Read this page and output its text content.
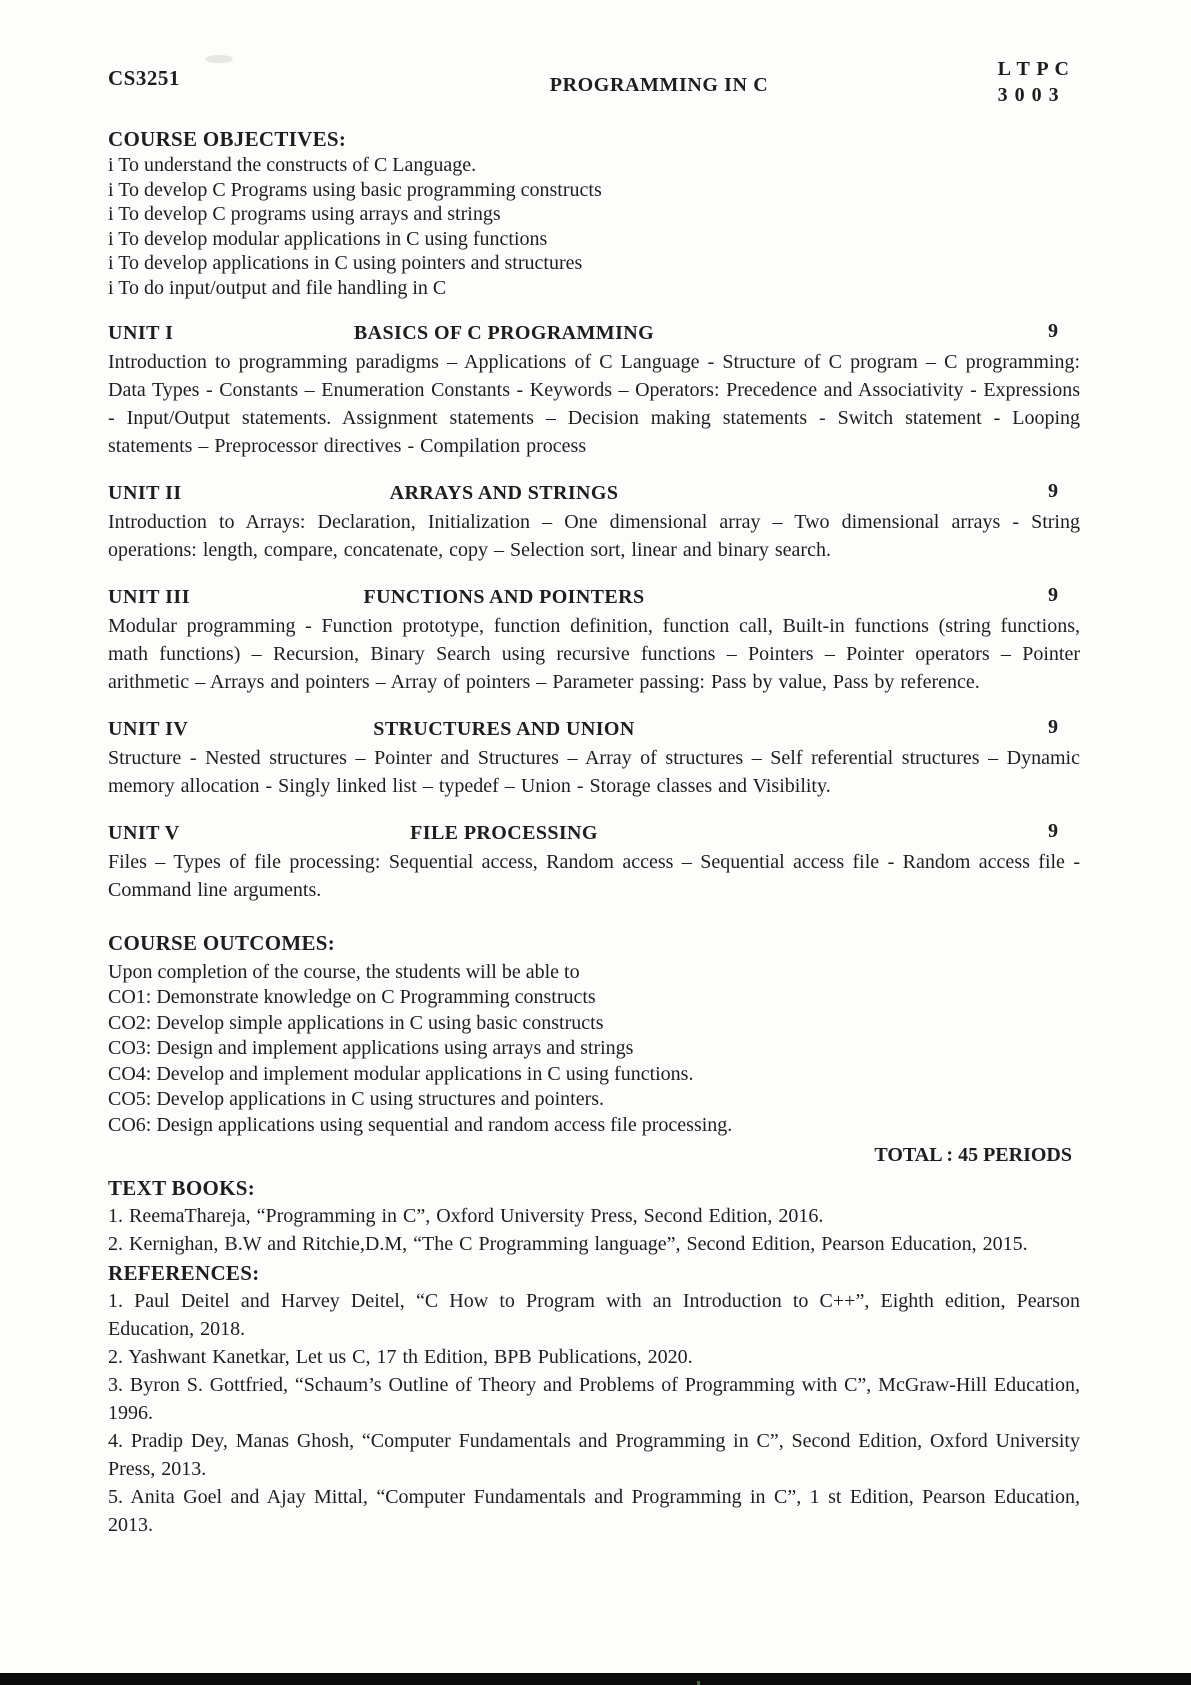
CS3251	PROGRAMMING IN C
L T P C
3 0 0 3
COURSE OBJECTIVES:
i To understand the constructs of C Language.
i To develop C Programs using basic programming constructs
i To develop C programs using arrays and strings
i To develop modular applications in C using functions
i To develop applications in C using pointers and structures
i To do input/output and file handling in C
UNIT I	BASICS OF C PROGRAMMING	9
Introduction to programming paradigms – Applications of C Language - Structure of C program – C programming: Data Types - Constants – Enumeration Constants - Keywords – Operators: Precedence and Associativity - Expressions - Input/Output statements. Assignment statements – Decision making statements - Switch statement - Looping statements – Preprocessor directives - Compilation process
UNIT II	ARRAYS AND STRINGS	9
Introduction to Arrays: Declaration, Initialization – One dimensional array – Two dimensional arrays - String operations: length, compare, concatenate, copy – Selection sort, linear and binary search.
UNIT III	FUNCTIONS AND POINTERS	9
Modular programming - Function prototype, function definition, function call, Built-in functions (string functions, math functions) – Recursion, Binary Search using recursive functions – Pointers – Pointer operators – Pointer arithmetic – Arrays and pointers – Array of pointers – Parameter passing: Pass by value, Pass by reference.
UNIT IV	STRUCTURES AND UNION	9
Structure - Nested structures – Pointer and Structures – Array of structures – Self referential structures – Dynamic memory allocation - Singly linked list – typedef – Union - Storage classes and Visibility.
UNIT V	FILE PROCESSING	9
Files – Types of file processing: Sequential access, Random access – Sequential access file - Random access file - Command line arguments.
COURSE OUTCOMES:
Upon completion of the course, the students will be able to
CO1: Demonstrate knowledge on C Programming constructs
CO2: Develop simple applications in C using basic constructs
CO3: Design and implement applications using arrays and strings
CO4: Develop and implement modular applications in C using functions.
CO5: Develop applications in C using structures and pointers.
CO6: Design applications using sequential and random access file processing.
TOTAL : 45 PERIODS
TEXT BOOKS:
1. ReemaThareja, “Programming in C”, Oxford University Press, Second Edition, 2016.
2. Kernighan, B.W and Ritchie,D.M, “The C Programming language”, Second Edition, Pearson Education, 2015.
REFERENCES:
1. Paul Deitel and Harvey Deitel, “C How to Program with an Introduction to C++”, Eighth edition, Pearson Education, 2018.
2. Yashwant Kanetkar, Let us C, 17 th Edition, BPB Publications, 2020.
3. Byron S. Gottfried, “Schaum’s Outline of Theory and Problems of Programming with C”, McGraw-Hill Education, 1996.
4. Pradip Dey, Manas Ghosh, “Computer Fundamentals and Programming in C”, Second Edition, Oxford University Press, 2013.
5. Anita Goel and Ajay Mittal, “Computer Fundamentals and Programming in C”, 1 st Edition, Pearson Education, 2013.
